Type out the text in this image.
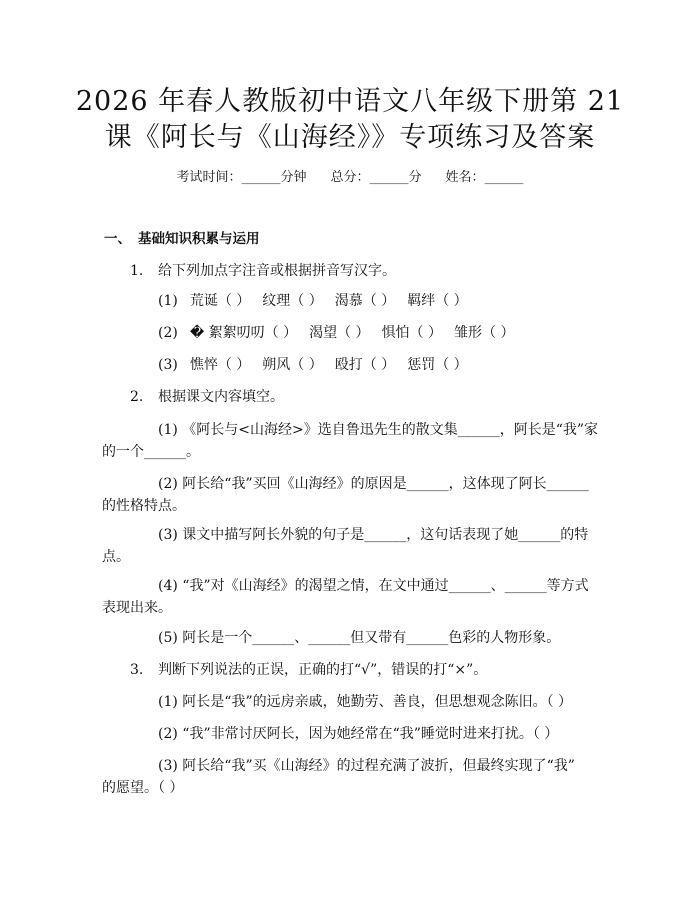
2026 年春人教版初中语文八年级下册第 21
课《阿长与《山海经》》专项练习及答案
考试时间：______分钟 总分：______分 姓名：______
一、 基础知识积累与运用
1. 给下列加点字注音或根据拼音写汉字。
(1) 荒诞（ ） 纹理（ ） 渴慕（ ） 羁绊（ ）
(2) � 絮絮叨叨（ ） 渴望（ ） 惧怕（ ） 雏形（ ）
(3) 憔悴（ ） 朔风（ ） 殴打（ ） 惩罚（ ）
2. 根据课文内容填空。
(1) 《阿长与<山海经>》选自鲁迅先生的散文集______，阿长是“我”家
的一个______。
(2) 阿长给“我”买回《山海经》的原因是______，这体现了阿长______
的性格特点。
(3) 课文中描写阿长外貌的句子是______，这句话表现了她______的特
点。
(4) “我”对《山海经》的渴望之情，在文中通过______、______等方式
表现出来。
(5) 阿长是一个______、______但又带有______色彩的人物形象。
3. 判断下列说法的正误，正确的打“√”，错误的打“×”。
(1) 阿长是“我”的远房亲戚，她勤劳、善良，但思想观念陈旧。（ ）
(2) “我”非常讨厌阿长，因为她经常在“我”睡觉时进来打扰。（ ）
(3) 阿长给“我”买《山海经》的过程充满了波折，但最终实现了“我”
的愿望。（ ）
